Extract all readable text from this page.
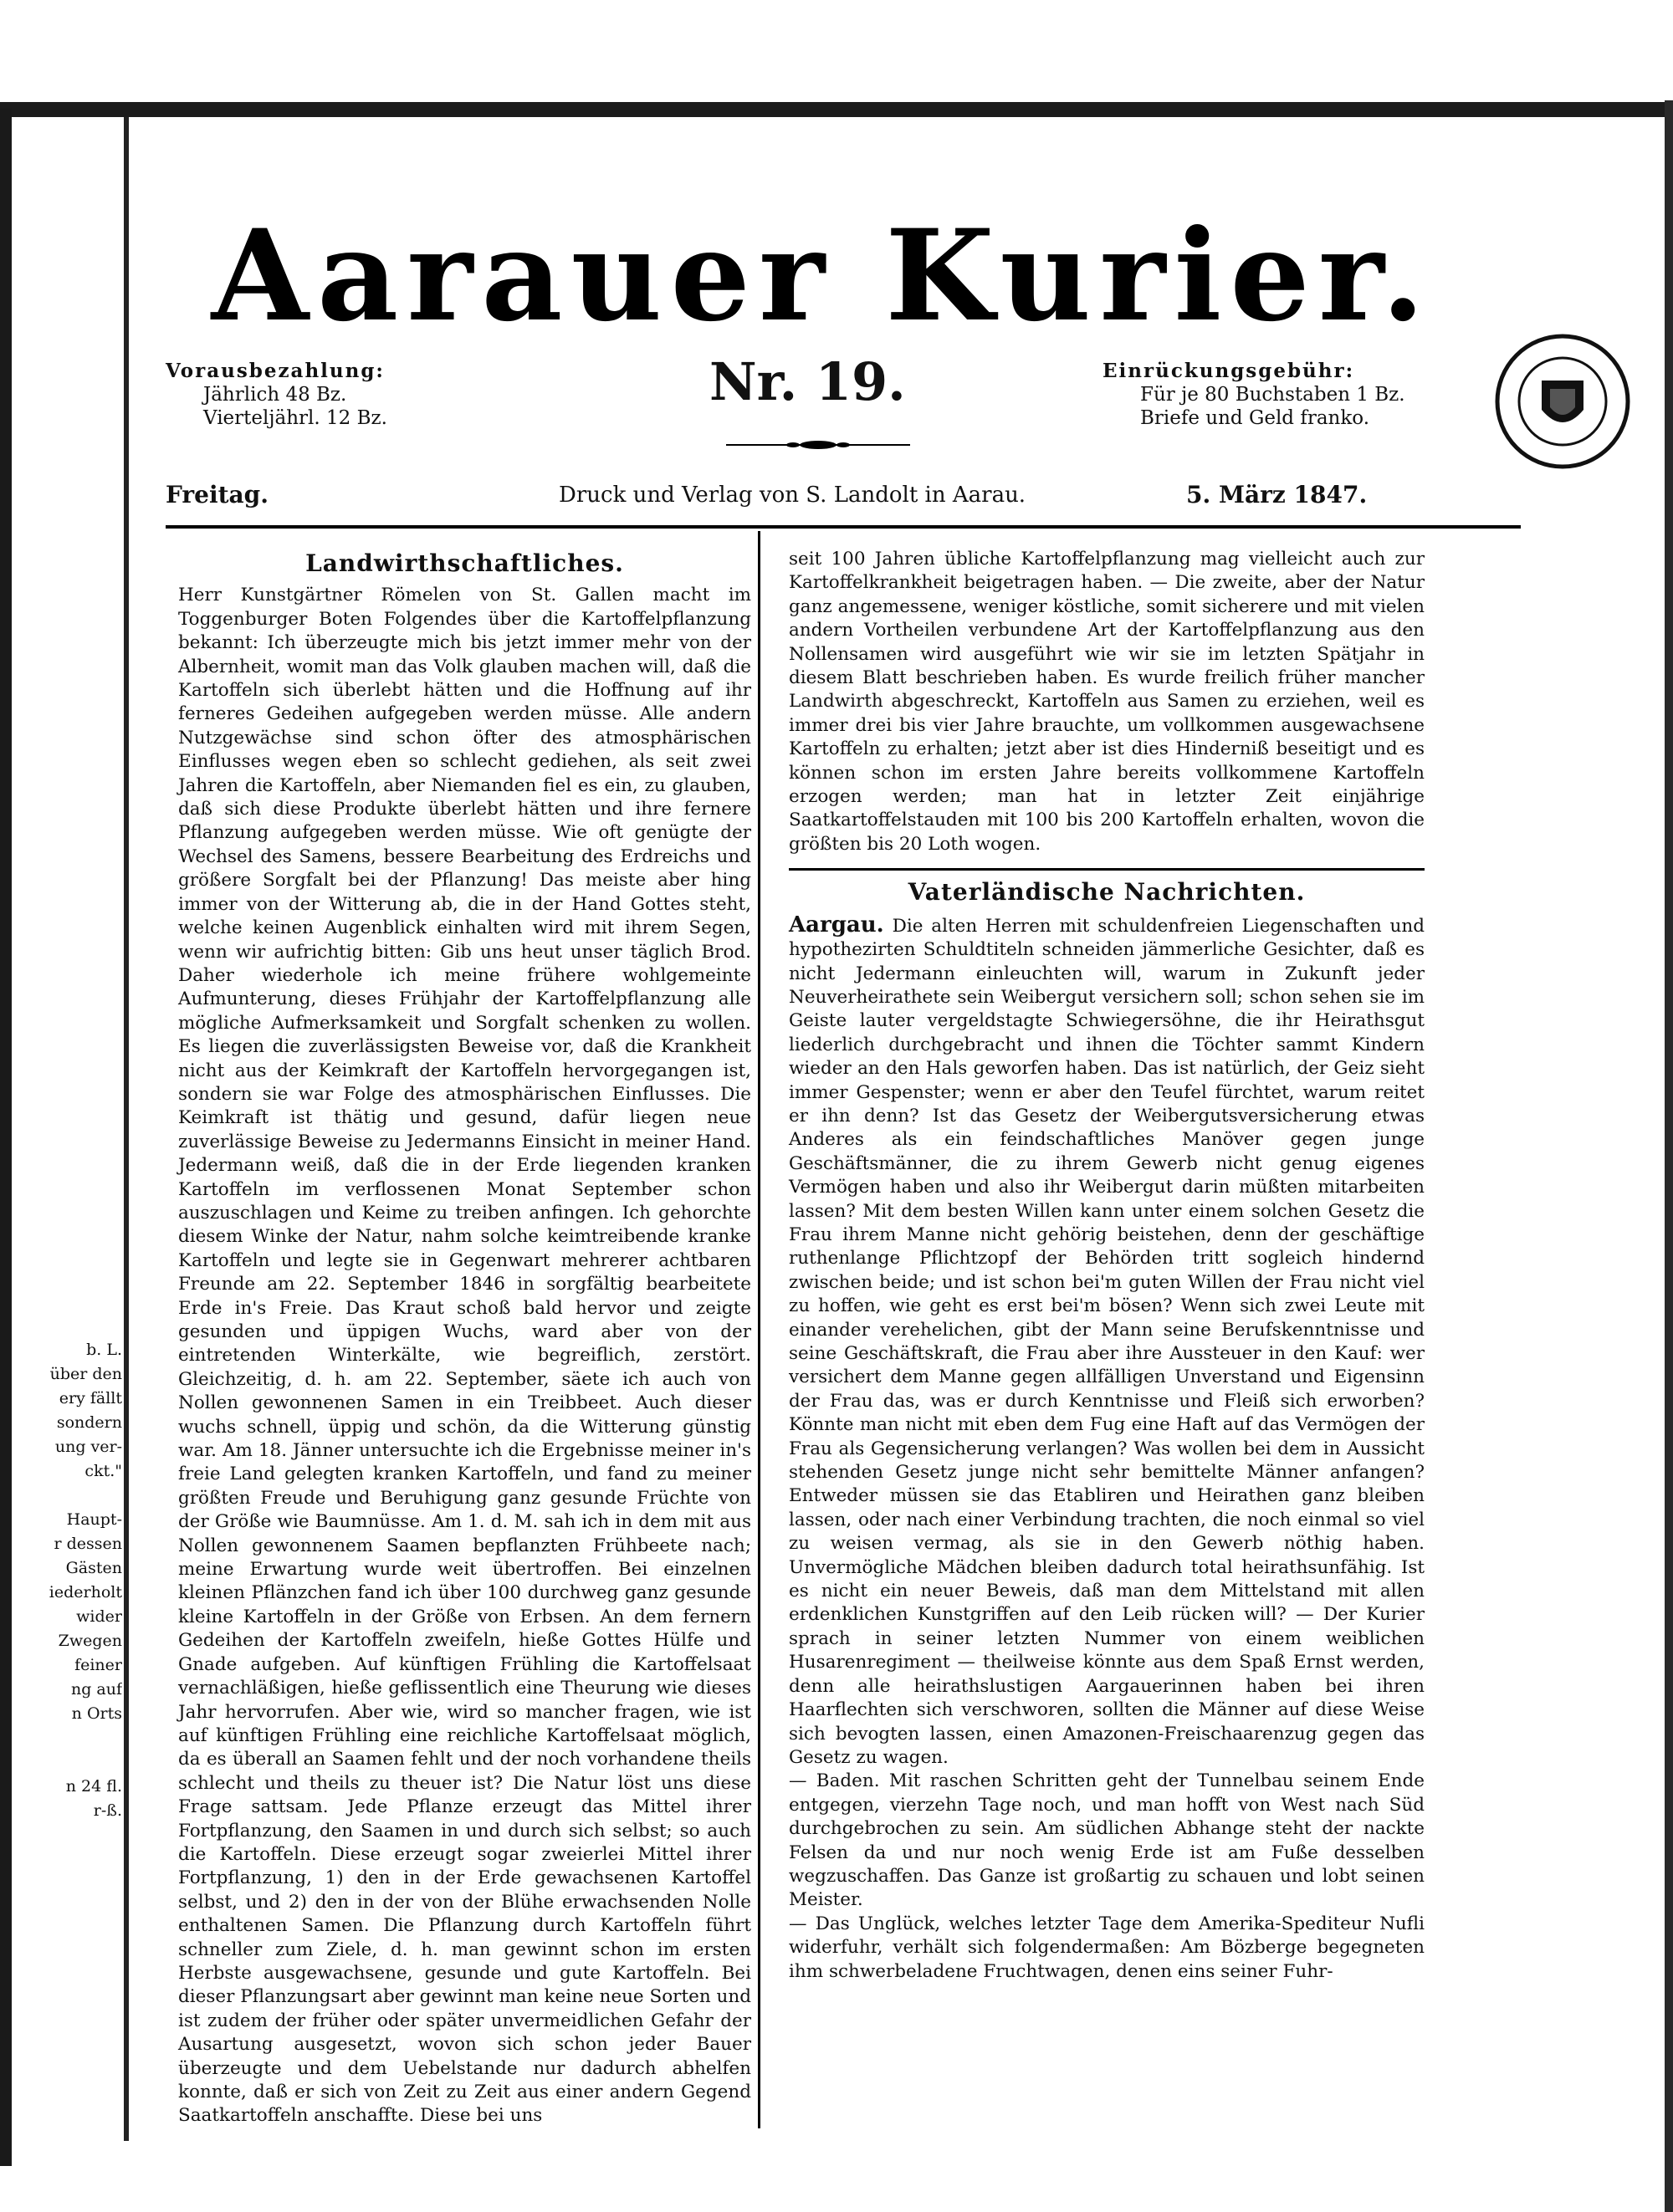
b. L.
über den
ery fällt
sondern
ung ver-
ckt."

Haupt-
r dessen
Gästen
iederholt
wider
Zwegen
feiner
ng auf
n Orts

n 24 fl.
r-ß.
Aarauer Kurier.
Vorausbezahlung:
Jährlich 48 Bz.
Vierteljährl. 12 Bz.
Nr. 19.	Einrückungsgebühr:
Für je 80 Buchstaben 1 Bz.
Briefe und Geld franko.
Freitag.	Druck und Verlag von S. Landolt in Aarau.	5. März 1847.
Landwirthschaftliches.

Herr Kunstgärtner Römelen von St. Gallen macht im Toggenburger Boten Folgendes über die Kartoffelpflanzung bekannt: Ich überzeugte mich bis jetzt immer mehr von der Albernheit, womit man das Volk glauben machen will, daß die Kartoffeln sich überlebt hätten und die Hoffnung auf ihr ferneres Gedeihen aufgegeben werden müsse. Alle andern Nutzgewächse sind schon öfter des atmosphärischen Einflusses wegen eben so schlecht gediehen, als seit zwei Jahren die Kartoffeln, aber Niemanden fiel es ein, zu glauben, daß sich diese Produkte überlebt hätten und ihre fernere Pflanzung aufgegeben werden müsse. Wie oft genügte der Wechsel des Samens, bessere Bearbeitung des Erdreichs und größere Sorgfalt bei der Pflanzung! Das meiste aber hing immer von der Witterung ab, die in der Hand Gottes steht, welche keinen Augenblick einhalten wird mit ihrem Segen, wenn wir aufrichtig bitten: Gib uns heut unser täglich Brod. Daher wiederhole ich meine frühere wohlgemeinte Aufmunterung, dieses Frühjahr der Kartoffelpflanzung alle mögliche Aufmerksamkeit und Sorgfalt schenken zu wollen. Es liegen die zuverlässigsten Beweise vor, daß die Krankheit nicht aus der Keimkraft der Kartoffeln hervorgegangen ist, sondern sie war Folge des atmosphärischen Einflusses. Die Keimkraft ist thätig und gesund, dafür liegen neue zuverlässige Beweise zu Jedermanns Einsicht in meiner Hand. Jedermann weiß, daß die in der Erde liegenden kranken Kartoffeln im verflossenen Monat September schon auszuschlagen und Keime zu treiben anfingen. Ich gehorchte diesem Winke der Natur, nahm solche keimtreibende kranke Kartoffeln und legte sie in Gegenwart mehrerer achtbaren Freunde am 22. September 1846 in sorgfältig bearbeitete Erde in's Freie. Das Kraut schoß bald hervor und zeigte gesunden und üppigen Wuchs, ward aber von der eintretenden Winterkälte, wie begreiflich, zerstört. Gleichzeitig, d. h. am 22. September, säete ich auch von Nollen gewonnenen Samen in ein Treibbeet. Auch dieser wuchs schnell, üppig und schön, da die Witterung günstig war. Am 18. Jänner untersuchte ich die Ergebnisse meiner in's freie Land gelegten kranken Kartoffeln, und fand zu meiner größten Freude und Beruhigung ganz gesunde Früchte von der Größe wie Baumnüsse. Am 1. d. M. sah ich in dem mit aus Nollen gewonnenem Saamen bepflanzten Frühbeete nach; meine Erwartung wurde weit übertroffen. Bei einzelnen kleinen Pflänzchen fand ich über 100 durchweg ganz gesunde kleine Kartoffeln in der Größe von Erbsen. An dem fernern Gedeihen der Kartoffeln zweifeln, hieße Gottes Hülfe und Gnade aufgeben. Auf künftigen Frühling die Kartoffelsaat vernachläßigen, hieße geflissentlich eine Theurung wie dieses Jahr hervorrufen. Aber wie, wird so mancher fragen, wie ist auf künftigen Frühling eine reichliche Kartoffelsaat möglich, da es überall an Saamen fehlt und der noch vorhandene theils schlecht und theils zu theuer ist? Die Natur löst uns diese Frage sattsam. Jede Pflanze erzeugt das Mittel ihrer Fortpflanzung, den Saamen in und durch sich selbst; so auch die Kartoffeln. Diese erzeugt sogar zweierlei Mittel ihrer Fortpflanzung, 1) den in der Erde gewachsenen Kartoffel selbst, und 2) den in der von der Blühe erwachsenden Nolle enthaltenen Samen. Die Pflanzung durch Kartoffeln führt schneller zum Ziele, d. h. man gewinnt schon im ersten Herbste ausgewachsene, gesunde und gute Kartoffeln. Bei dieser Pflanzungsart aber gewinnt man keine neue Sorten und ist zudem der früher oder später unvermeidlichen Gefahr der Ausartung ausgesetzt, wovon sich schon jeder Bauer überzeugte und dem Uebelstande nur dadurch abhelfen konnte, daß er sich von Zeit zu Zeit aus einer andern Gegend Saatkartoffeln anschaffte. Diese bei uns

seit 100 Jahren übliche Kartoffelpflanzung mag vielleicht auch zur Kartoffelkrankheit beigetragen haben. — Die zweite, aber der Natur ganz angemessene, weniger köstliche, somit sicherere und mit vielen andern Vortheilen verbundene Art der Kartoffelpflanzung aus den Nollensamen wird ausgeführt wie wir sie im letzten Spätjahr in diesem Blatt beschrieben haben. Es wurde freilich früher mancher Landwirth abgeschreckt, Kartoffeln aus Samen zu erziehen, weil es immer drei bis vier Jahre brauchte, um vollkommen ausgewachsene Kartoffeln zu erhalten; jetzt aber ist dies Hinderniß beseitigt und es können schon im ersten Jahre bereits vollkommene Kartoffeln erzogen werden; man hat in letzter Zeit einjährige Saatkartoffelstauden mit 100 bis 200 Kartoffeln erhalten, wovon die größten bis 20 Loth wogen.

Vaterländische Nachrichten.

Aargau. Die alten Herren mit schuldenfreien Liegenschaften und hypothezirten Schuldtiteln schneiden jämmerliche Gesichter, daß es nicht Jedermann einleuchten will, warum in Zukunft jeder Neuverheirathete sein Weibergut versichern soll; schon sehen sie im Geiste lauter vergeldstagte Schwiegersöhne, die ihr Heirathsgut liederlich durchgebracht und ihnen die Töchter sammt Kindern wieder an den Hals geworfen haben. Das ist natürlich, der Geiz sieht immer Gespenster; wenn er aber den Teufel fürchtet, warum reitet er ihn denn? Ist das Gesetz der Weibergutsversicherung etwas Anderes als ein feindschaftliches Manöver gegen junge Geschäftsmänner, die zu ihrem Gewerb nicht genug eigenes Vermögen haben und also ihr Weibergut darin müßten mitarbeiten lassen? Mit dem besten Willen kann unter einem solchen Gesetz die Frau ihrem Manne nicht gehörig beistehen, denn der geschäftige ruthenlange Pflichtzopf der Behörden tritt sogleich hindernd zwischen beide; und ist schon bei'm guten Willen der Frau nicht viel zu hoffen, wie geht es erst bei'm bösen? Wenn sich zwei Leute mit einander verehelichen, gibt der Mann seine Berufskenntnisse und seine Geschäftskraft, die Frau aber ihre Aussteuer in den Kauf: wer versichert dem Manne gegen allfälligen Unverstand und Eigensinn der Frau das, was er durch Kenntnisse und Fleiß sich erworben? Könnte man nicht mit eben dem Fug eine Haft auf das Vermögen der Frau als Gegensicherung verlangen? Was wollen bei dem in Aussicht stehenden Gesetz junge nicht sehr bemittelte Männer anfangen? Entweder müssen sie das Etabliren und Heirathen ganz bleiben lassen, oder nach einer Verbindung trachten, die noch einmal so viel zu weisen vermag, als sie in den Gewerb nöthig haben. Unvermögliche Mädchen bleiben dadurch total heirathsunfähig. Ist es nicht ein neuer Beweis, daß man dem Mittelstand mit allen erdenklichen Kunstgriffen auf den Leib rücken will? — Der Kurier sprach in seiner letzten Nummer von einem weiblichen Husarenregiment — theilweise könnte aus dem Spaß Ernst werden, denn alle heirathslustigen Aargauerinnen haben bei ihren Haarflechten sich verschworen, sollten die Männer auf diese Weise sich bevogten lassen, einen Amazonen-Freischaarenzug gegen das Gesetz zu wagen.

— Baden. Mit raschen Schritten geht der Tunnelbau seinem Ende entgegen, vierzehn Tage noch, und man hofft von West nach Süd durchgebrochen zu sein. Am südlichen Abhange steht der nackte Felsen da und nur noch wenig Erde ist am Fuße desselben wegzuschaffen. Das Ganze ist großartig zu schauen und lobt seinen Meister.

— Das Unglück, welches letzter Tage dem Amerika-Spediteur Nufli widerfuhr, verhält sich folgendermaßen: Am Bözberge begegneten ihm schwerbeladene Fruchtwagen, denen eins seiner Fuhr-
